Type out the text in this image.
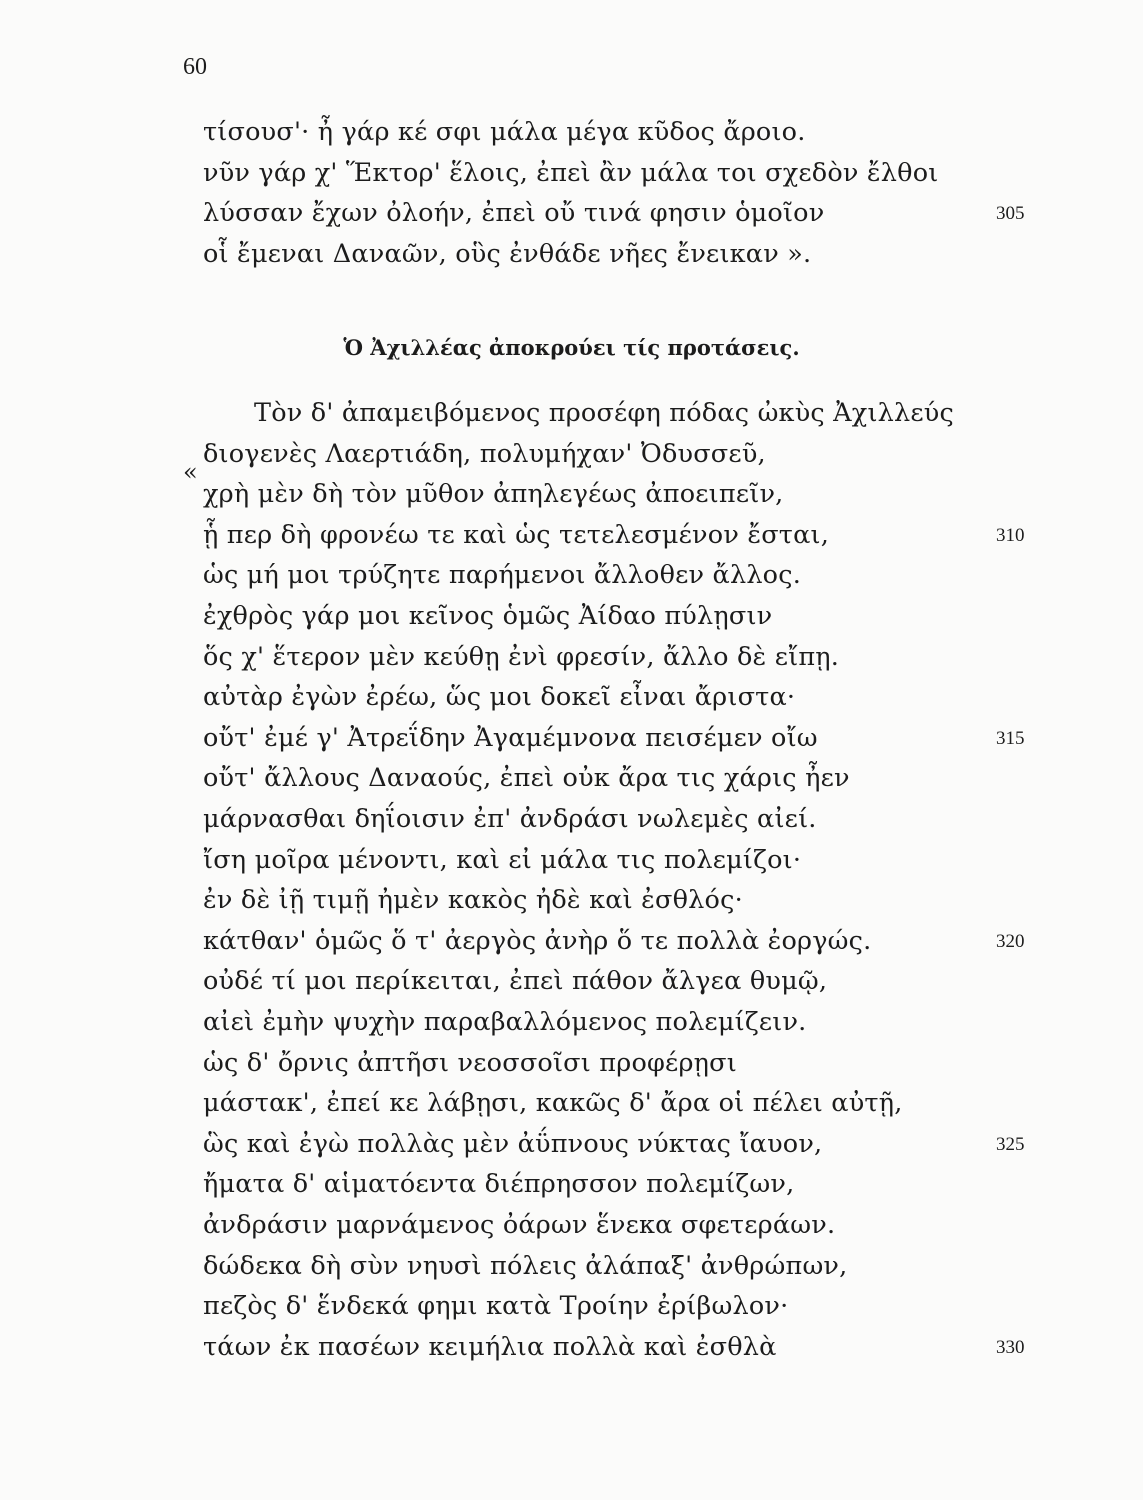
60
τίσουσ'· ἦ γάρ κέ σφι μάλα μέγα κῦδος ἄροιο.
νῦν γάρ χ' Ἕκτορ' ἕλοις, ἐπεὶ ἂν μάλα τοι σχεδὸν ἔλθοι
λύσσαν ἔχων ὀλοήν, ἐπεὶ οὔ τινά φησιν ὁμοῖον	305
οἷ ἔμεναι Δαναῶν, οὓς ἐνθάδε νῆες ἔνεικαν ».
Ὁ Ἀχιλλέας ἀποκρούει τίς προτάσεις.
«
Τὸν δ' ἀπαμειβόμενος προσέφη πόδας ὠκὺς Ἀχιλλεύς
διογενὲς Λαερτιάδη, πολυμήχαν' Ὀδυσσεῦ,
χρὴ μὲν δὴ τὸν μῦθον ἀπηλεγέως ἀποειπεῖν,
ᾗ περ δὴ φρονέω τε καὶ ὡς τετελεσμένον ἔσται,	310
ὡς μή μοι τρύζητε παρήμενοι ἄλλοθεν ἄλλος.
ἐχθρὸς γάρ μοι κεῖνος ὁμῶς Ἀίδαο πύλῃσιν
ὅς χ' ἕτερον μὲν κεύθῃ ἐνὶ φρεσίν, ἄλλο δὲ εἴπῃ.
αὐτὰρ ἐγὼν ἐρέω, ὥς μοι δοκεῖ εἶναι ἄριστα·
οὔτ' ἐμέ γ' Ἀτρεΐδην Ἀγαμέμνονα πεισέμεν οἴω	315
οὔτ' ἄλλους Δαναούς, ἐπεὶ οὐκ ἄρα τις χάρις ἦεν
μάρνασθαι δηΐοισιν ἐπ' ἀνδράσι νωλεμὲς αἰεί.
ἴση μοῖρα μένοντι, καὶ εἰ μάλα τις πολεμίζοι·
ἐν δὲ ἰῇ τιμῇ ἠμὲν κακὸς ἠδὲ καὶ ἐσθλός·
κάτθαν' ὁμῶς ὅ τ' ἀεργὸς ἀνὴρ ὅ τε πολλὰ ἐοργώς.	320
οὐδέ τί μοι περίκειται, ἐπεὶ πάθον ἄλγεα θυμῷ,
αἰεὶ ἐμὴν ψυχὴν παραβαλλόμενος πολεμίζειν.
ὡς δ' ὄρνις ἀπτῆσι νεοσσοῖσι προφέρῃσι
μάστακ', ἐπεί κε λάβῃσι, κακῶς δ' ἄρα οἱ πέλει αὐτῇ,
ὣς καὶ ἐγὼ πολλὰς μὲν ἀΰπνους νύκτας ἴαυον,	325
ἤματα δ' αἱματόεντα διέπρησσον πολεμίζων,
ἀνδράσιν μαρνάμενος ὀάρων ἕνεκα σφετεράων.
δώδεκα δὴ σὺν νηυσὶ πόλεις ἀλάπαξ' ἀνθρώπων,
πεζὸς δ' ἕνδεκά φημι κατὰ Τροίην ἐρίβωλον·
τάων ἐκ πασέων κειμήλια πολλὰ καὶ ἐσθλὰ	330
